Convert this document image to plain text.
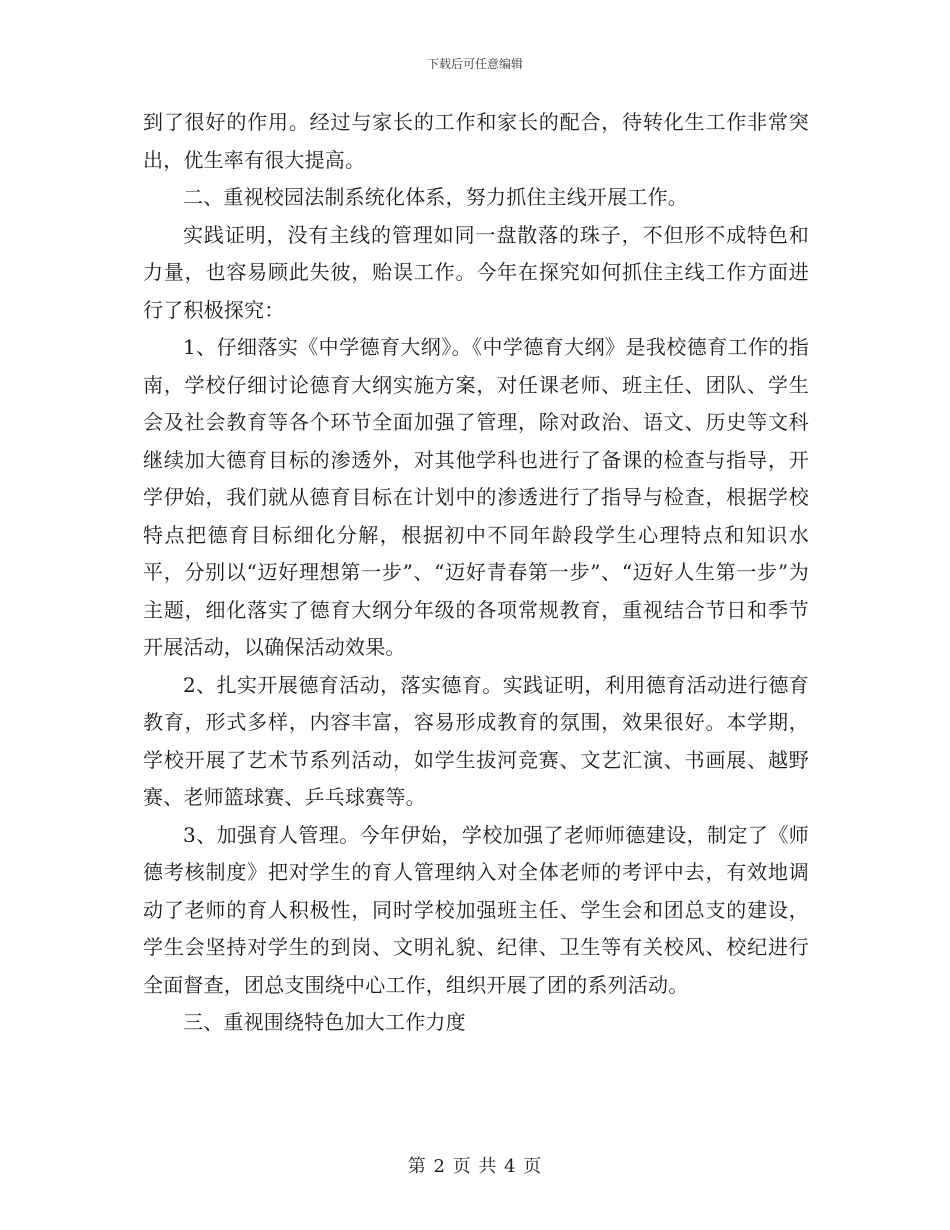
下载后可任意编辑

到了很好的作用。经过与家长的工作和家长的配合，待转化生工作非常突出，优生率有很大提高。

二、重视校园法制系统化体系，努力抓住主线开展工作。

实践证明，没有主线的管理如同一盘散落的珠子，不但形不成特色和力量，也容易顾此失彼，贻误工作。今年在探究如何抓住主线工作方面进行了积极探究：

1、仔细落实《中学德育大纲》。《中学德育大纲》是我校德育工作的指南，学校仔细讨论德育大纲实施方案，对任课老师、班主任、团队、学生会及社会教育等各个环节全面加强了管理，除对政治、语文、历史等文科继续加大德育目标的渗透外，对其他学科也进行了备课的检查与指导，开学伊始，我们就从德育目标在计划中的渗透进行了指导与检查，根据学校特点把德育目标细化分解，根据初中不同年龄段学生心理特点和知识水平，分别以“迈好理想第一步”、“迈好青春第一步”、“迈好人生第一步”为主题，细化落实了德育大纲分年级的各项常规教育，重视结合节日和季节开展活动，以确保活动效果。

2、扎实开展德育活动，落实德育。实践证明，利用德育活动进行德育教育，形式多样，内容丰富，容易形成教育的氛围，效果很好。本学期，学校开展了艺术节系列活动，如学生拔河竞赛、文艺汇演、书画展、越野赛、老师篮球赛、乒乓球赛等。

3、加强育人管理。今年伊始，学校加强了老师师德建设，制定了《师德考核制度》把对学生的育人管理纳入对全体老师的考评中去，有效地调动了老师的育人积极性，同时学校加强班主任、学生会和团总支的建设，学生会坚持对学生的到岗、文明礼貌、纪律、卫生等有关校风、校纪进行全面督查，团总支围绕中心工作，组织开展了团的系列活动。

三、重视围绕特色加大工作力度

第 2 页 共 4 页
